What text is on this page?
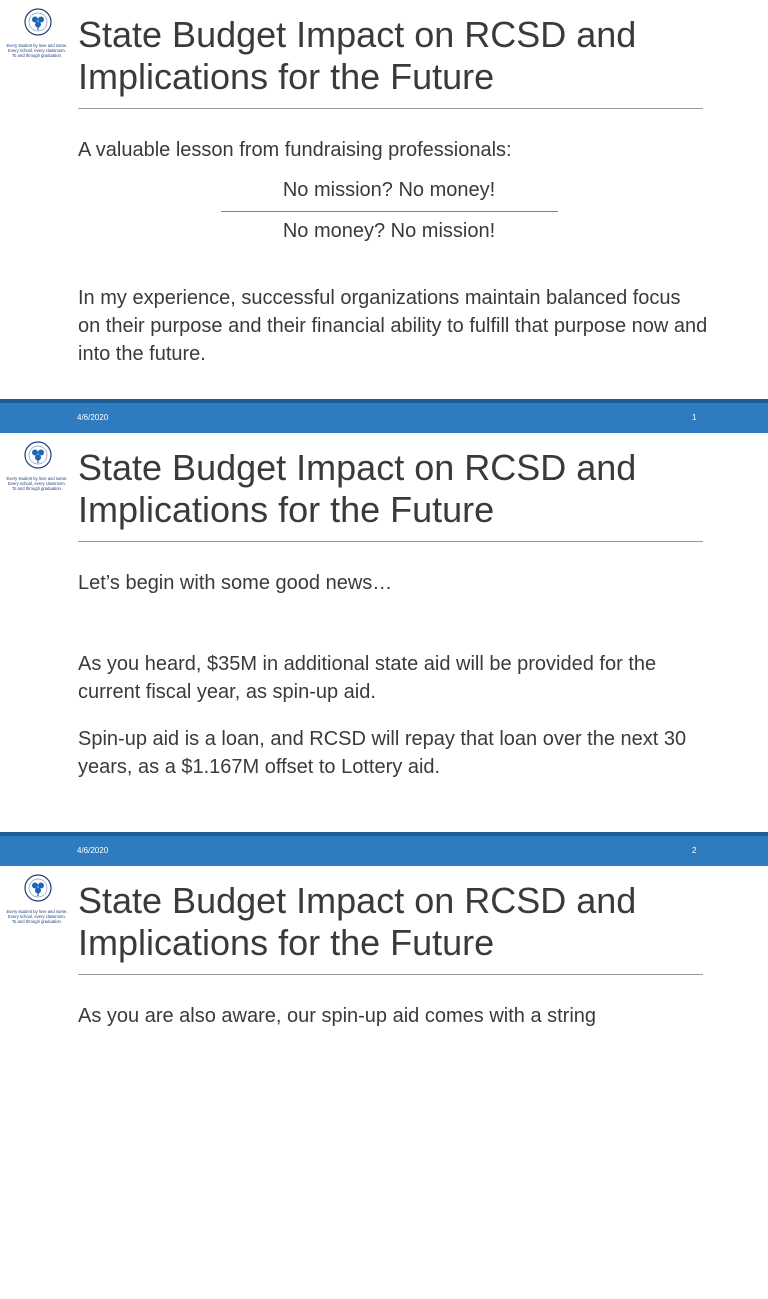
Every student by love and name.
Every school, every classroom.
To and through graduation.
State Budget Impact on RCSD and
Implications for the Future

A valuable lesson from fundraising professionals:

No mission? No money!
No money? No mission!

In my experience, successful organizations maintain balanced focus on their purpose and their financial ability to fulfill that purpose now and into the future.

4/6/2020	1
Every student by love and name.
Every school, every classroom.
To and through graduation.
State Budget Impact on RCSD and
Implications for the Future

Let’s begin with some good news…

As you heard, $35M in additional state aid will be provided for the current fiscal year, as spin-up aid.

Spin-up aid is a loan, and RCSD will repay that loan over the next 30 years, as a $1.167M offset to Lottery aid.

4/6/2020	2
Every student by love and name.
Every school, every classroom.
To and through graduation.
State Budget Impact on RCSD and
Implications for the Future

As you are also aware, our spin-up aid comes with a string
